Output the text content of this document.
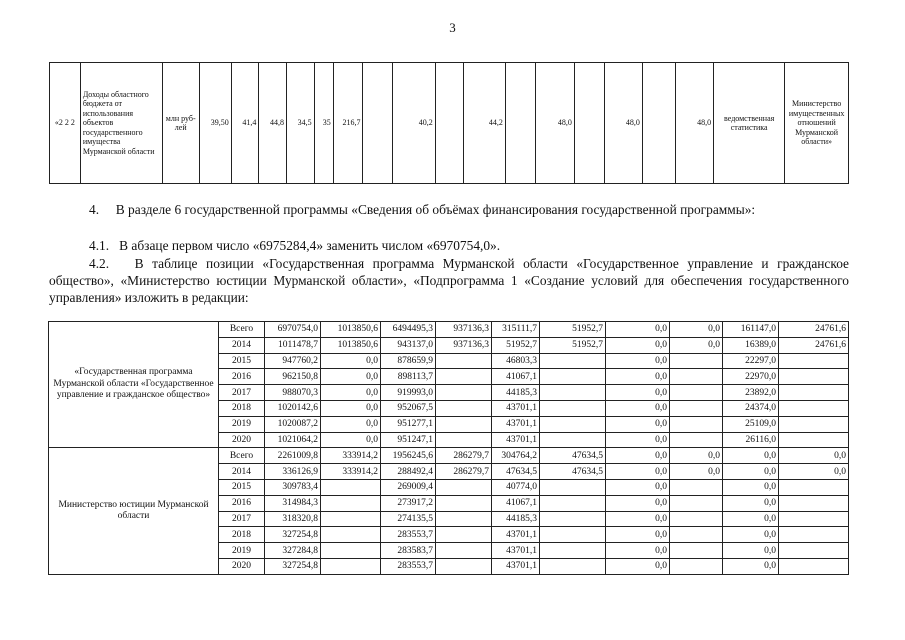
3
«2 2 2	Доходы областного бюджета от использования объектов государственного имущества Мурманской области	млн руб-лей	39,50	41,4	44,8	34,5	35	216,7		40,2		44,2		48,0		48,0		48,0	ведомственная статистика	Министерство имущественных отношений Мурманской области»
4.     В разделе 6 государственной программы «Сведения об объёмах финансирования государственной программы»:
4.1.   В абзаце первом число «6975284,4» заменить числом «6970754,0».
4.2.   В таблице позиции «Государственная программа Мурманской области «Государственное управление и гражданское общество», «Министерство юстиции Мурманской области», «Подпрограмма 1 «Создание условий для обеспечения государственного управления» изложить в редакции:
«Государственная программа Мурманской области «Государственное управление и гражданское общество»	Всего	6970754,0	1013850,6	6494495,3	937136,3	315111,7	51952,7	0,0	0,0	161147,0	24761,6
	2014	1011478,7	1013850,6	943137,0	937136,3	51952,7	51952,7	0,0	0,0	16389,0	24761,6
	2015	947760,2	0,0	878659,9		46803,3		0,0		22297,0	
	2016	962150,8	0,0	898113,7		41067,1		0,0		22970,0	
	2017	988070,3	0,0	919993,0		44185,3		0,0		23892,0	
	2018	1020142,6	0,0	952067,5		43701,1		0,0		24374,0	
	2019	1020087,2	0,0	951277,1		43701,1		0,0		25109,0	
	2020	1021064,2	0,0	951247,1		43701,1		0,0		26116,0	
Министерство юстиции Мурманской области	Всего	2261009,8	333914,2	1956245,6	286279,7	304764,2	47634,5	0,0	0,0	0,0	0,0
	2014	336126,9	333914,2	288492,4	286279,7	47634,5	47634,5	0,0	0,0	0,0	0,0
	2015	309783,4		269009,4		40774,0		0,0		0,0	
	2016	314984,3		273917,2		41067,1		0,0		0,0	
	2017	318320,8		274135,5		44185,3		0,0		0,0	
	2018	327254,8		283553,7		43701,1		0,0		0,0	
	2019	327284,8		283583,7		43701,1		0,0		0,0	
	2020	327254,8		283553,7		43701,1		0,0		0,0	
